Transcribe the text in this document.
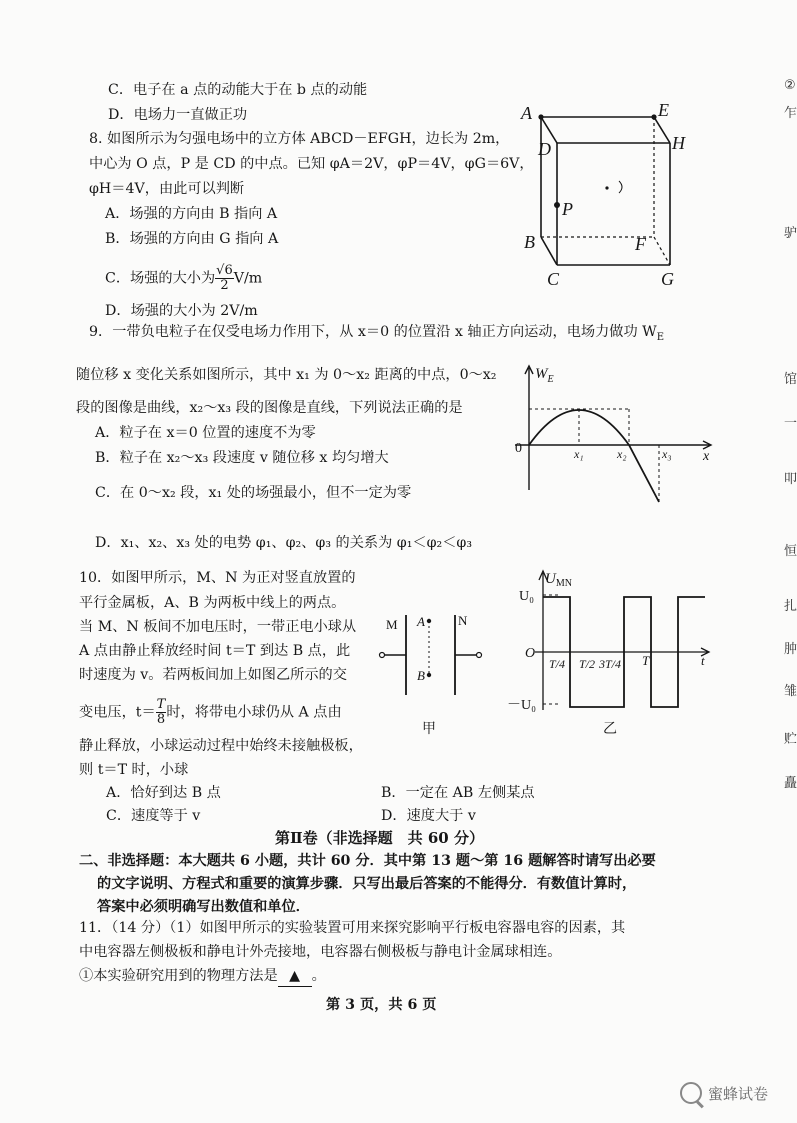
C．电子在 a 点的动能大于在 b 点的动能
D．电场力一直做正功
8. 如图所示为匀强电场中的立方体 ABCD－EFGH，边长为 2m，
中心为 O 点，P 是 CD 的中点。已知 φA＝2V，φP＝4V，φG＝6V，
φH＝4V，由此可以判断
A．场强的方向由 B 指向 A
B．场强的方向由 G 指向 A
C．场强的大小为 $\frac{√6}{2} V/m$
D．场强的大小为 2V/m
A	E
D	H
P
B	F
C	G
9．一带负电粒子在仅受电场力作用下，从 x＝0 的位置沿 x 轴正方向运动，电场力做功 $W_E$
随位移 x 变化关系如图所示，其中 x₁ 为 0～x₂ 距离的中点，0～x₂
段的图像是曲线，x₂～x₃ 段的图像是直线，下列说法正确的是
A．粒子在 x＝0 位置的速度不为零
B．粒子在 x₂～x₃ 段速度 v 随位移 x 均匀增大
C．在 0～x₂ 段，x₁ 处的场强最小，但不一定为零
D．x₁、x₂、x₃ 处的电势 φ₁、φ₂、φ₃ 的关系为 φ₁＜φ₂＜φ₃
$W_E$
x
0	x₁	x₂	x₃
10．如图甲所示，M、N 为正对竖直放置的
平行金属板，A、B 为两板中线上的两点。
当 M、N 板间不加电压时，一带正电小球从
A 点由静止释放经时间 t＝T 到达 B 点，此
时速度为 v。若两板间加上如图乙所示的交
变电压，$t= \frac{T}{8}$ 时，将带电小球仍从 A 点由
静止释放，小球运动过程中始终未接触极板，
则 t＝T 时，小球
A．恰好到达 B 点	B．一定在 AB 左侧某点
C．速度等于 v	D．速度大于 v
M	N
A
B
甲
$U_{MN}$
U₀
－U₀
O	t
T/4 T/2 3T/4 T
乙
第Ⅱ卷（非选择题　共 60 分）
二、非选择题：本大题共 6 小题，共计 60 分．其中第 13 题～第 16 题解答时请写出必要
的文字说明、方程式和重要的演算步骤．只写出最后答案的不能得分．有数值计算时，
答案中必须明确写出数值和单位．
11．（14 分）（1）如图甲所示的实验装置可用来探究影响平行板电容器电容的因素，其
中电容器左侧极板和静电计外壳接地，电容器右侧极板与静电计金属球相连。
①本实验研究用到的物理方法是 ▲ 。
第 3 页，共 6 页
②
乍
驴
馆
一
叩
恒
扎
肿
雏
贮
矗
蜜蜂试卷
